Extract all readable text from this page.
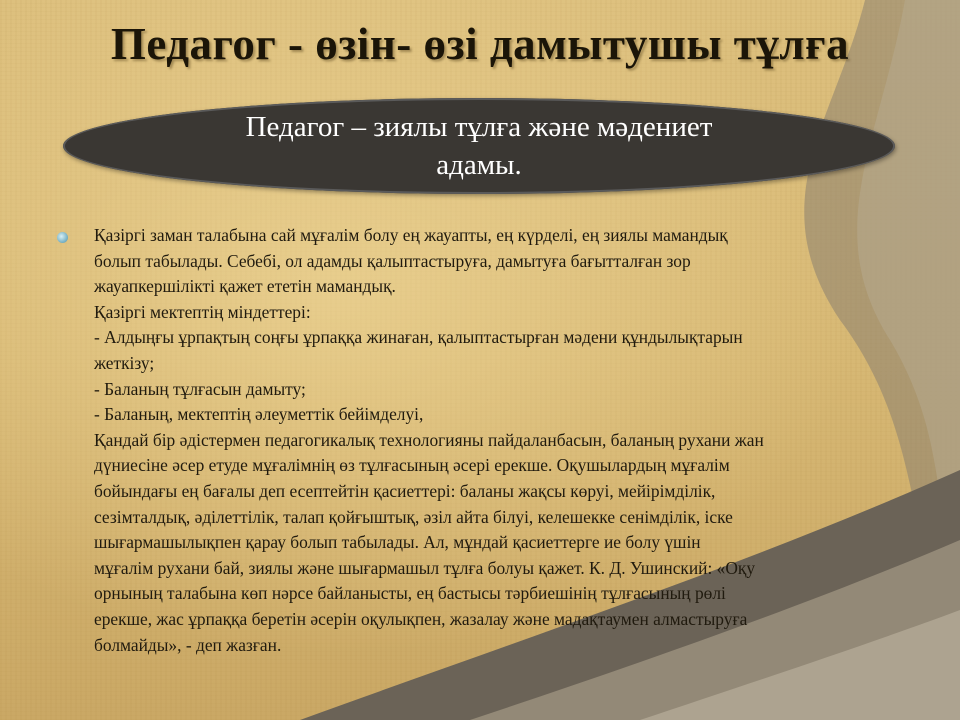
Педагог - өзін- өзі дамытушы тұлға
Педагог – зиялы тұлға және мәдениет
адамы.

Қазіргі заман талабына сай мұғалім болу ең жауапты, ең күрделі, ең зиялы мамандық
болып табылады. Себебі, ол адамды қалыптастыруға, дамытуға бағытталған зор
жауапкершілікті қажет ететін мамандық.
Қазіргі мектептің міндеттері:
- Алдыңғы ұрпақтың соңғы ұрпаққа жинаған, қалыптастырған мәдени құндылықтарын
жеткізу;
- Баланың тұлғасын дамыту;
- Баланың, мектептің әлеуметтік бейімделуі,
Қандай бір әдістермен педагогикалық технологияны пайдаланбасын, баланың рухани жан
дүниесіне әсер етуде мұғалімнің өз тұлғасының әсері ерекше. Оқушылардың мұғалім
бойындағы ең бағалы деп есептейтін қасиеттері: баланы жақсы көруі, мейірімділік,
сезімталдық, әділеттілік, талап қойғыштық, әзіл айта білуі, келешекке сенімділік, іске
шығармашылықпен қарау болып табылады. Ал, мұндай қасиеттерге ие болу үшін
мұғалім рухани бай, зиялы және шығармашыл тұлға болуы қажет. К. Д. Ушинский: «Оқу
орнының талабына көп нәрсе байланысты, ең бастысы тәрбиешінің тұлғасының рөлі
ерекше, жас ұрпаққа беретін әсерін оқулықпен, жазалау және мадақтаумен алмастыруға
болмайды», - деп жазған.
